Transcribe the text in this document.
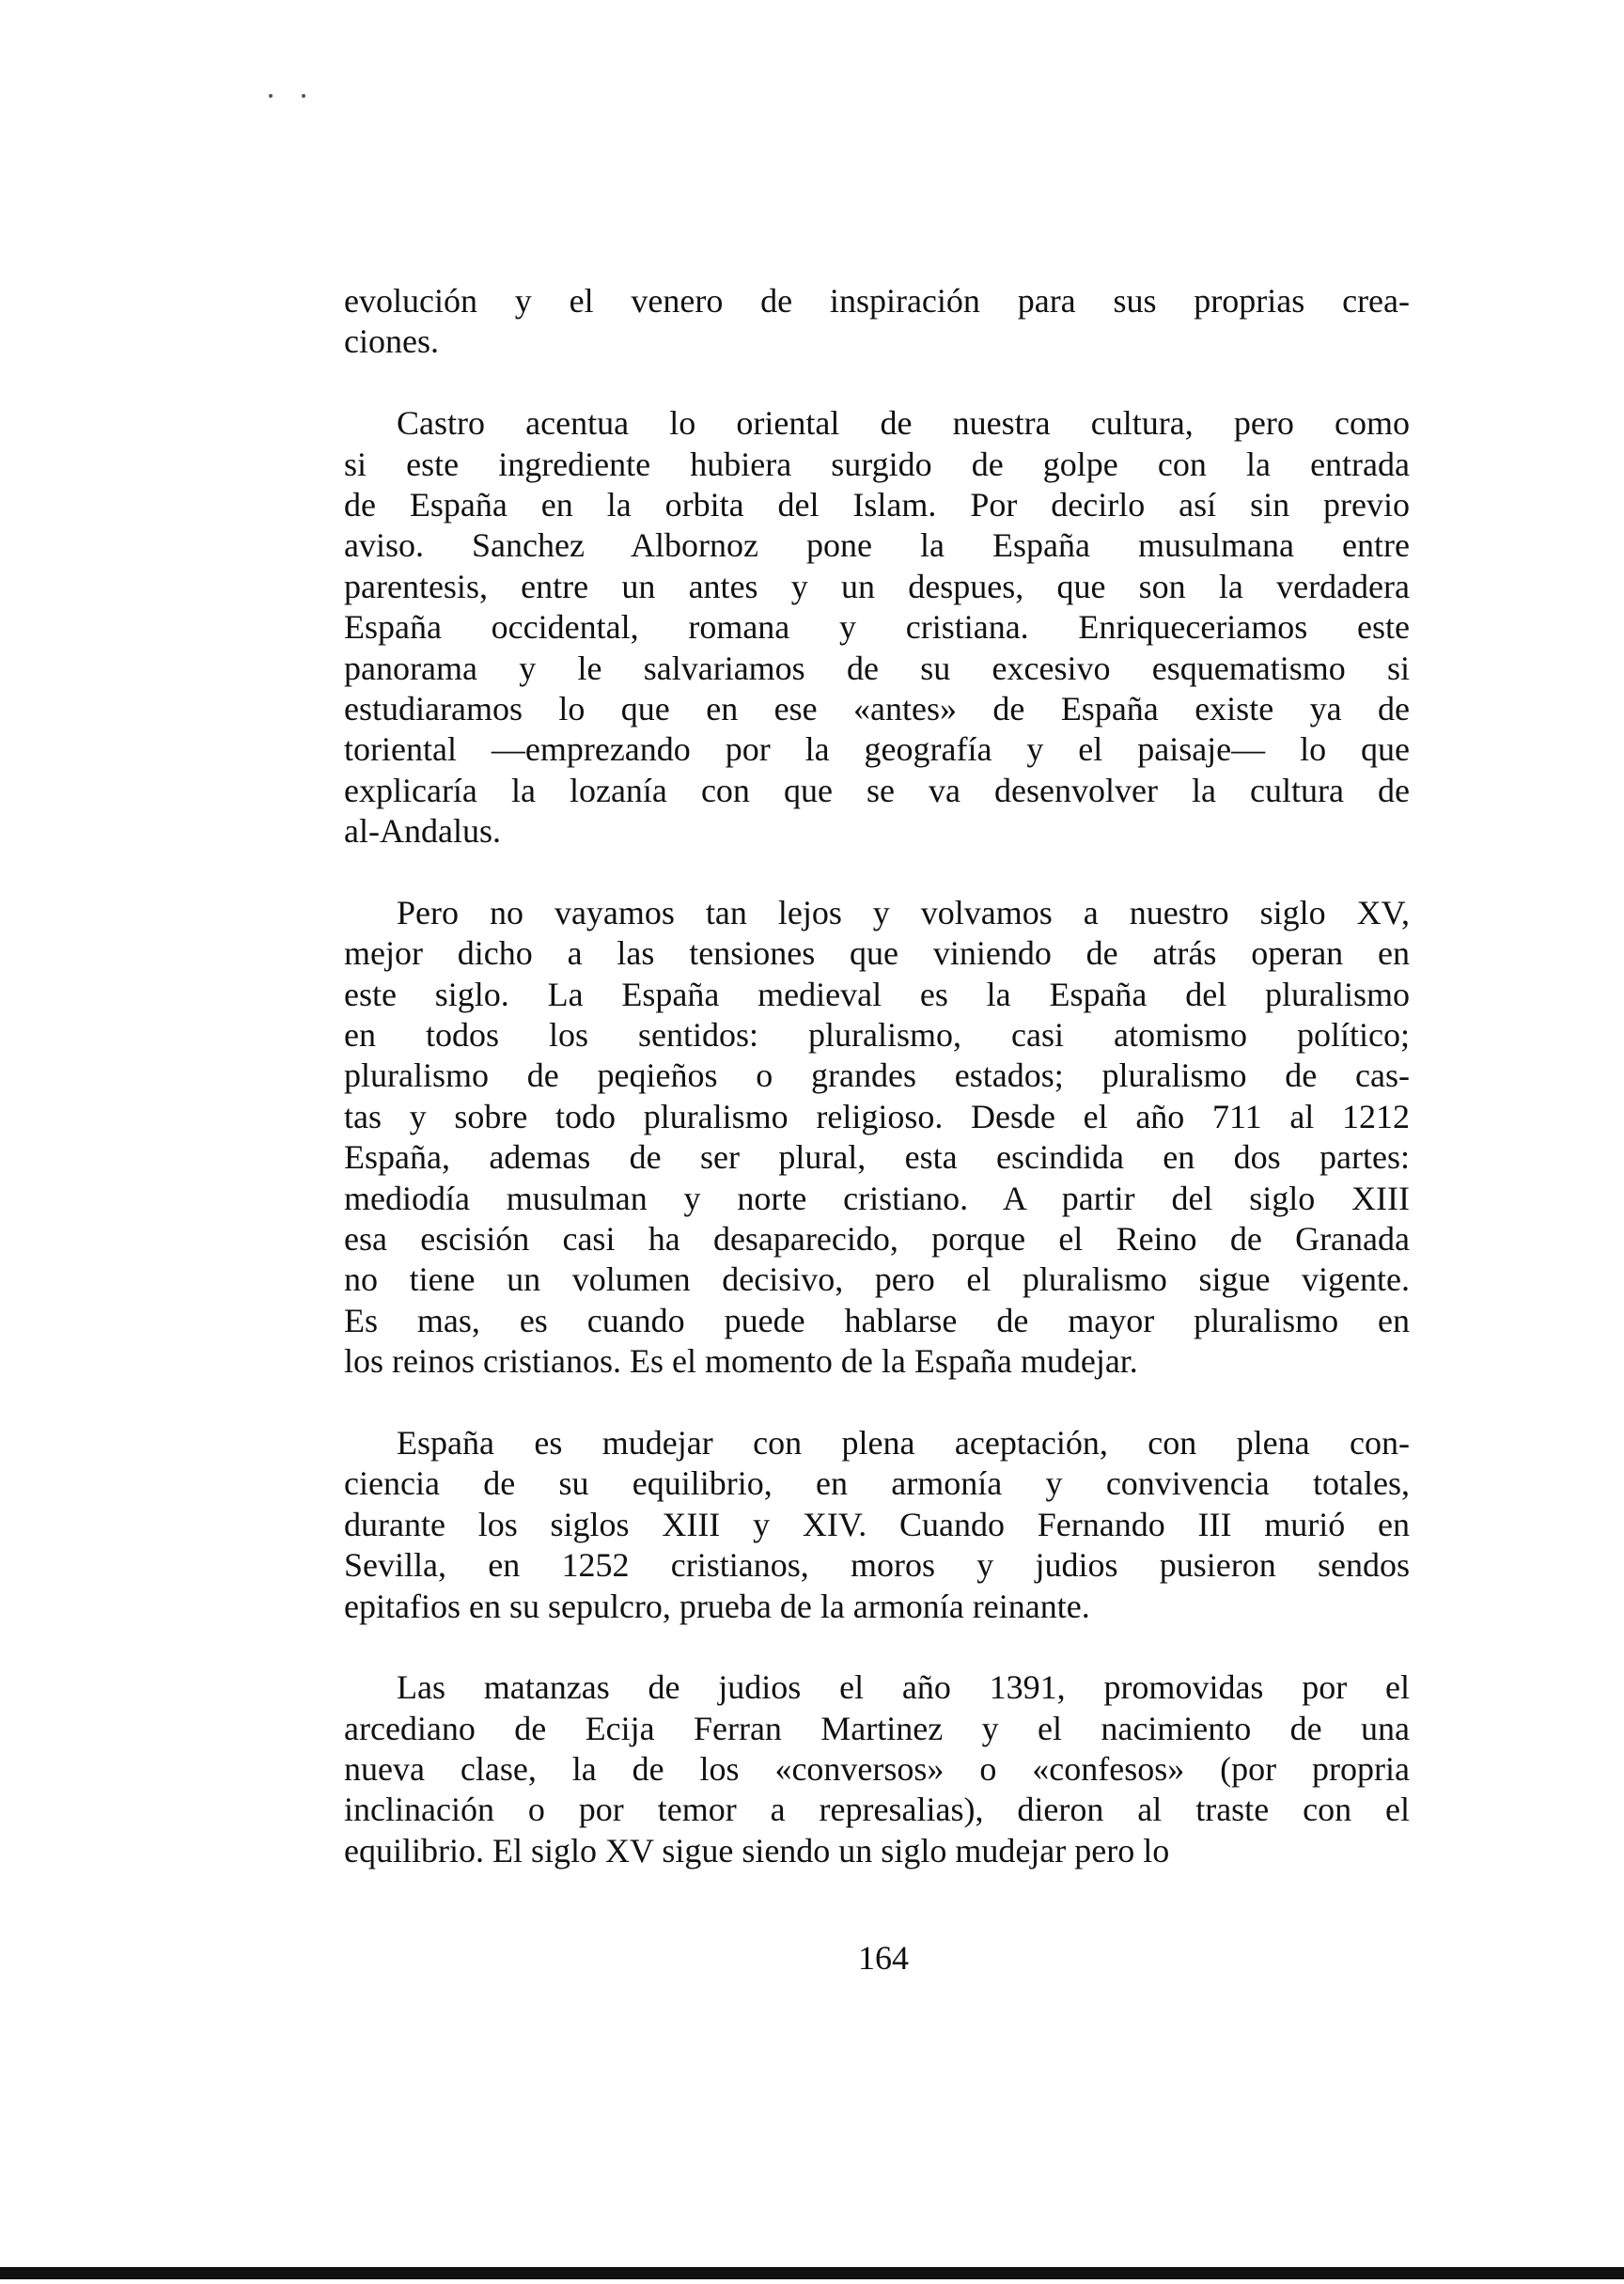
evolución y el venero de inspiración para sus proprias crea-
ciones.
Castro acentua lo oriental de nuestra cultura, pero como
si este ingrediente hubiera surgido de golpe con la entrada
de España en la orbita del Islam. Por decirlo así sin previo
aviso. Sanchez Albornoz pone la España musulmana entre
parentesis, entre un antes y un despues, que son la verdadera
España occidental, romana y cristiana. Enriqueceriamos este
panorama y le salvariamos de su excesivo esquematismo si
estudiaramos lo que en ese «antes» de España existe ya de
toriental —emprezando por la geografía y el paisaje— lo que
explicaría la lozanía con que se va desenvolver la cultura de
al-Andalus.
Pero no vayamos tan lejos y volvamos a nuestro siglo XV,
mejor dicho a las tensiones que viniendo de atrás operan en
este siglo. La España medieval es la España del pluralismo
en todos los sentidos: pluralismo, casi atomismo político;
pluralismo de peqieños o grandes estados; pluralismo de cas-
tas y sobre todo pluralismo religioso. Desde el año 711 al 1212
España, ademas de ser plural, esta escindida en dos partes:
mediodía musulman y norte cristiano. A partir del siglo XIII
esa escisión casi ha desaparecido, porque el Reino de Granada
no tiene un volumen decisivo, pero el pluralismo sigue vigente.
Es mas, es cuando puede hablarse de mayor pluralismo en
los reinos cristianos. Es el momento de la España mudejar.
España es mudejar con plena aceptación, con plena con-
ciencia de su equilibrio, en armonía y convivencia totales,
durante los siglos XIII y XIV. Cuando Fernando III murió en
Sevilla, en 1252 cristianos, moros y judios pusieron sendos
epitafios en su sepulcro, prueba de la armonía reinante.
Las matanzas de judios el año 1391, promovidas por el
arcediano de Ecija Ferran Martinez y el nacimiento de una
nueva clase, la de los «conversos» o «confesos» (por propria
inclinación o por temor a represalias), dieron al traste con el
equilibrio. El siglo XV sigue siendo un siglo mudejar pero lo
164
